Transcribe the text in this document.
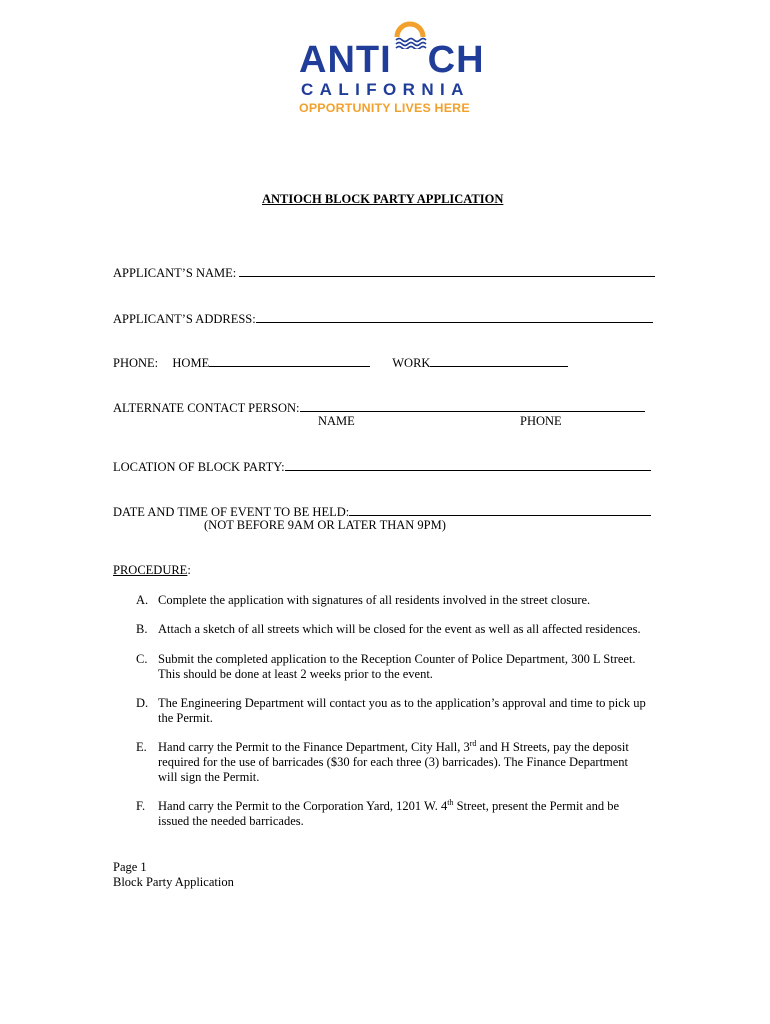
ANTI CH
CALIFORNIA
OPPORTUNITY LIVES HERE
ANTIOCH BLOCK PARTY APPLICATION
APPLICANT’S NAME:
APPLICANT’S ADDRESS:
PHONE: HOME	WORK
ALTERNATE CONTACT PERSON:
NAME	PHONE
LOCATION OF BLOCK PARTY:
DATE AND TIME OF EVENT TO BE HELD:
(NOT BEFORE 9AM OR LATER THAN 9PM)
PROCEDURE:
A. Complete the application with signatures of all residents involved in the street closure.
B. Attach a sketch of all streets which will be closed for the event as well as all affected residences.
C. Submit the completed application to the Reception Counter of Police Department, 300 L Street. This should be done at least 2 weeks prior to the event.
D. The Engineering Department will contact you as to the application’s approval and time to pick up the Permit.
E. Hand carry the Permit to the Finance Department, City Hall, 3rd and H Streets, pay the deposit required for the use of barricades ($30 for each three (3) barricades). The Finance Department will sign the Permit.
F. Hand carry the Permit to the Corporation Yard, 1201 W. 4th Street, present the Permit and be issued the needed barricades.
Page 1
Block Party Application
